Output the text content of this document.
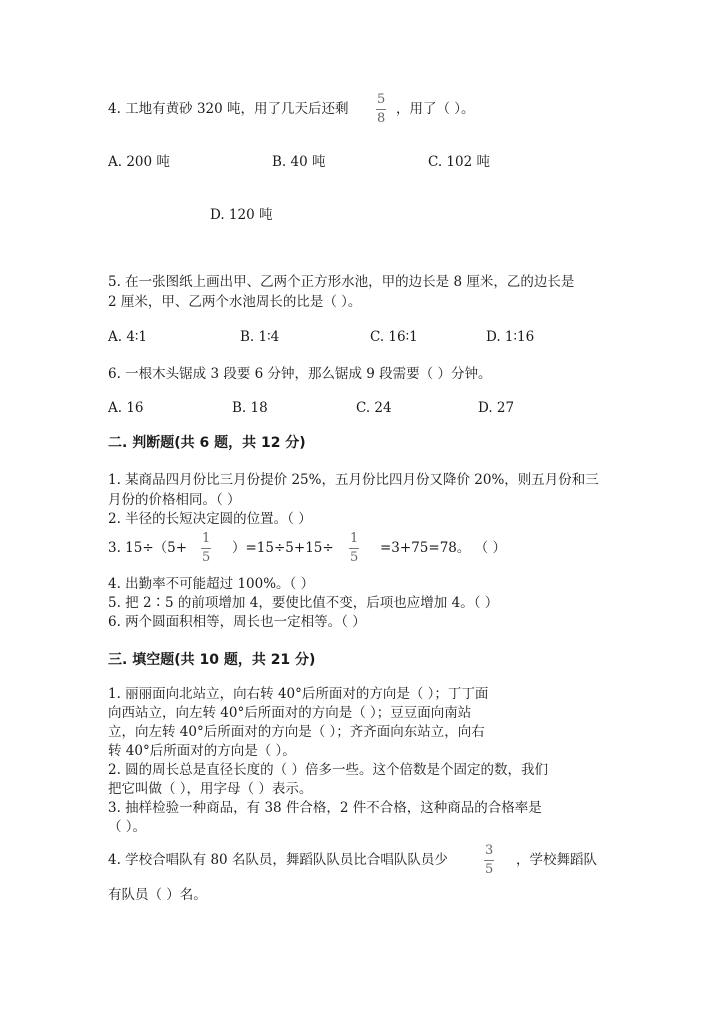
4. 工地有黄砂 320 吨，用了几天后还剩
5
8
，用了（ ）。
A. 200 吨	B. 40 吨	C. 102 吨
D. 120 吨
5. 在一张图纸上画出甲、乙两个正方形水池，甲的边长是 8 厘米，乙的边长是
2 厘米，甲、乙两个水池周长的比是（ ）。
A. 4∶1	B. 1∶4	C. 16∶1	D. 1∶16
6. 一根木头锯成 3 段要 6 分钟，那么锯成 9 段需要（ ）分钟。
A. 16	B. 18	C. 24	D. 27
二. 判断题(共 6 题，共 12 分)
1. 某商品四月份比三月份提价 25%，五月份比四月份又降价 20%，则五月份和三
月份的价格相同。（ ）
2. 半径的长短决定圆的位置。（ ）
3. 15÷（5+
1
5
）=15÷5+15÷
1
5
=3+75=78。 （ ）
4. 出勤率不可能超过 100%。（ ）
5. 把 2∶5 的前项增加 4，要使比值不变，后项也应增加 4。（ ）
6. 两个圆面积相等，周长也一定相等。（ ）
三. 填空题(共 10 题，共 21 分)
1. 丽丽面向北站立，向右转 40°后所面对的方向是（ ）；丁丁面
向西站立，向左转 40°后所面对的方向是（ ）；豆豆面向南站
立，向左转 40°后所面对的方向是（ ）；齐齐面向东站立，向右
转 40°后所面对的方向是（ ）。
2. 圆的周长总是直径长度的（ ）倍多一些。这个倍数是个固定的数，我们
把它叫做（ ），用字母（ ）表示。
3. 抽样检验一种商品，有 38 件合格，2 件不合格，这种商品的合格率是
（ ）。
4. 学校合唱队有 80 名队员，舞蹈队队员比合唱队队员少
3
5
，学校舞蹈队
有队员（ ）名。
